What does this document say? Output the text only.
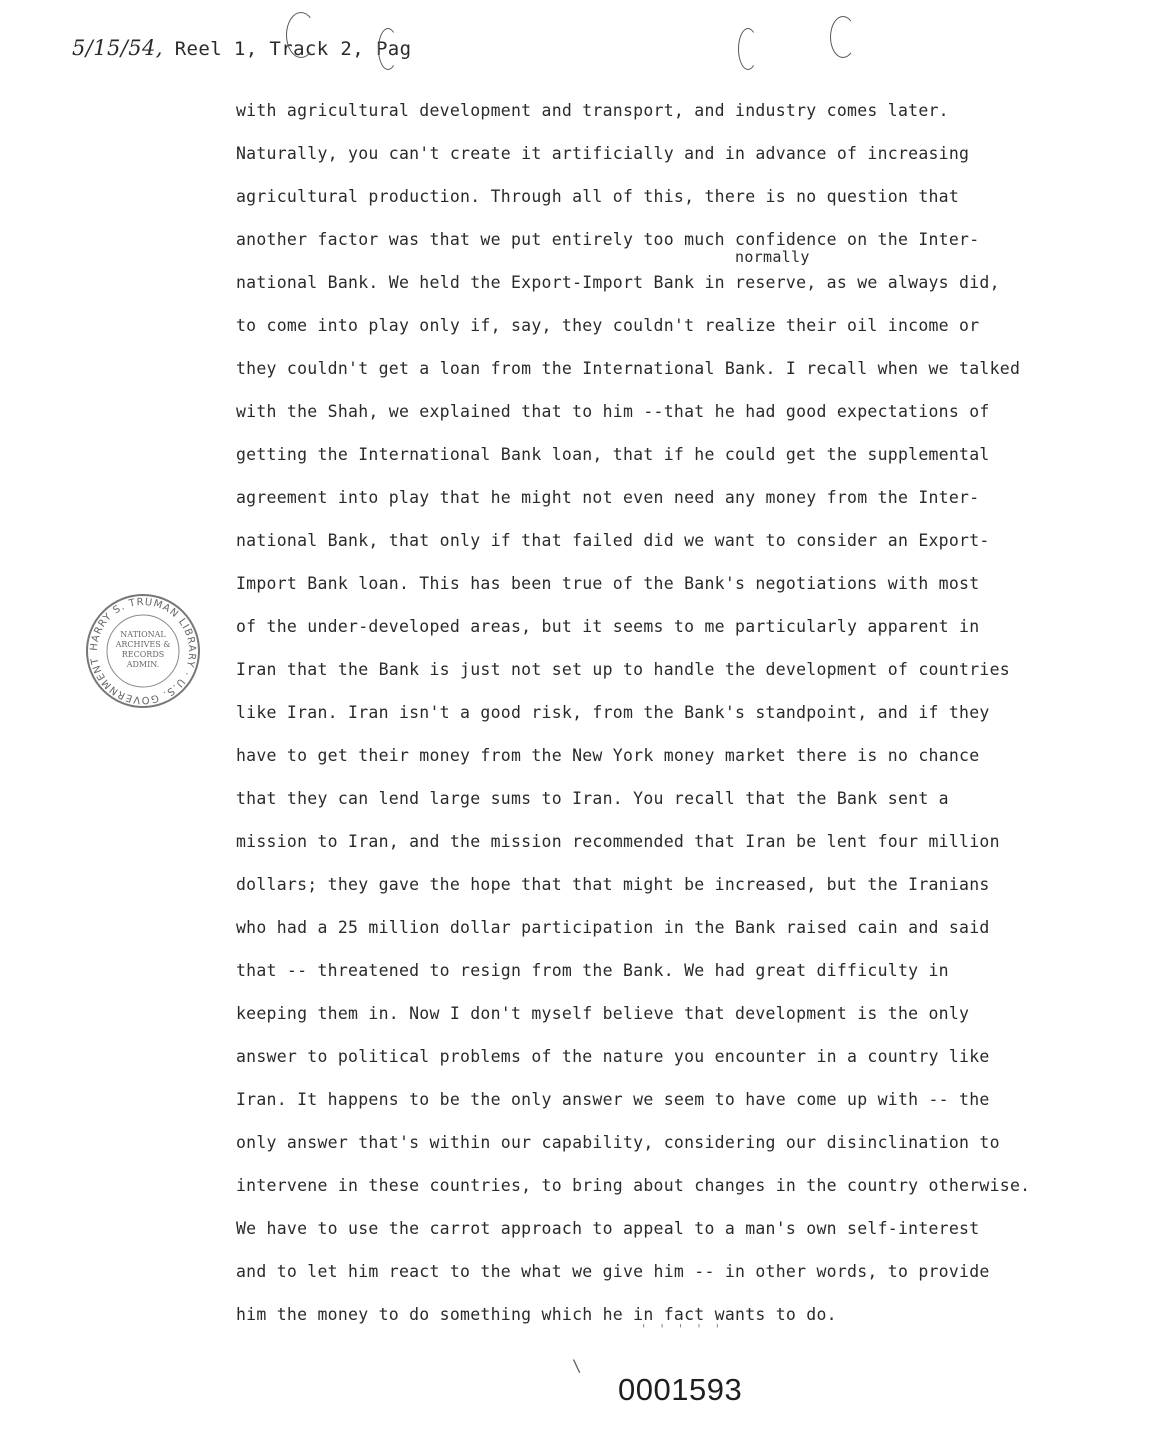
5/15/54, Reel 1, Track 2, Pag
normally
with agricultural development and transport, and industry comes later.
Naturally, you can't create it artificially and in advance of increasing
agricultural production. Through all of this, there is no question that
another factor was that we put entirely too much confidence on the Inter-
national Bank. We held the Export-Import Bank in reserve, as we always did,
to come into play only if, say, they couldn't realize their oil income or
they couldn't get a loan from the International Bank. I recall when we talked
with the Shah, we explained that to him --that he had good expectations of
getting the International Bank loan, that if he could get the supplemental
agreement into play that he might not even need any money from the Inter-
national Bank, that only if that failed did we want to consider an Export-
Import Bank loan. This has been true of the Bank's negotiations with most
of the under-developed areas, but it seems to me particularly apparent in
Iran that the Bank is just not set up to handle the development of countries
like Iran. Iran isn't a good risk, from the Bank's standpoint, and if they
have to get their money from the New York money market there is no chance
that they can lend large sums to Iran. You recall that the Bank sent a
mission to Iran, and the mission recommended that Iran be lent four million
dollars; they gave the hope that that might be increased, but the Iranians
who had a 25 million dollar participation in the Bank raised cain and said
that -- threatened to resign from the Bank. We had great difficulty in
keeping them in. Now I don't myself believe that development is the only
answer to political problems of the nature you encounter in a country like
Iran. It happens to be the only answer we seem to have come up with -- the
only answer that's within our capability, considering our disinclination to
intervene in these countries, to bring about changes in the country otherwise.
We have to use the carrot approach to appeal to a man's own self-interest
and to let him react to the what we give him -- in other words, to provide
him the money to do something which he in fact wants to do.
HARRY S. TRUMAN LIBRARY · U.S. GOVERNMENT
NATIONAL
ARCHIVES &
RECORDS
ADMIN.
' ' ' ' '
\
0001593
